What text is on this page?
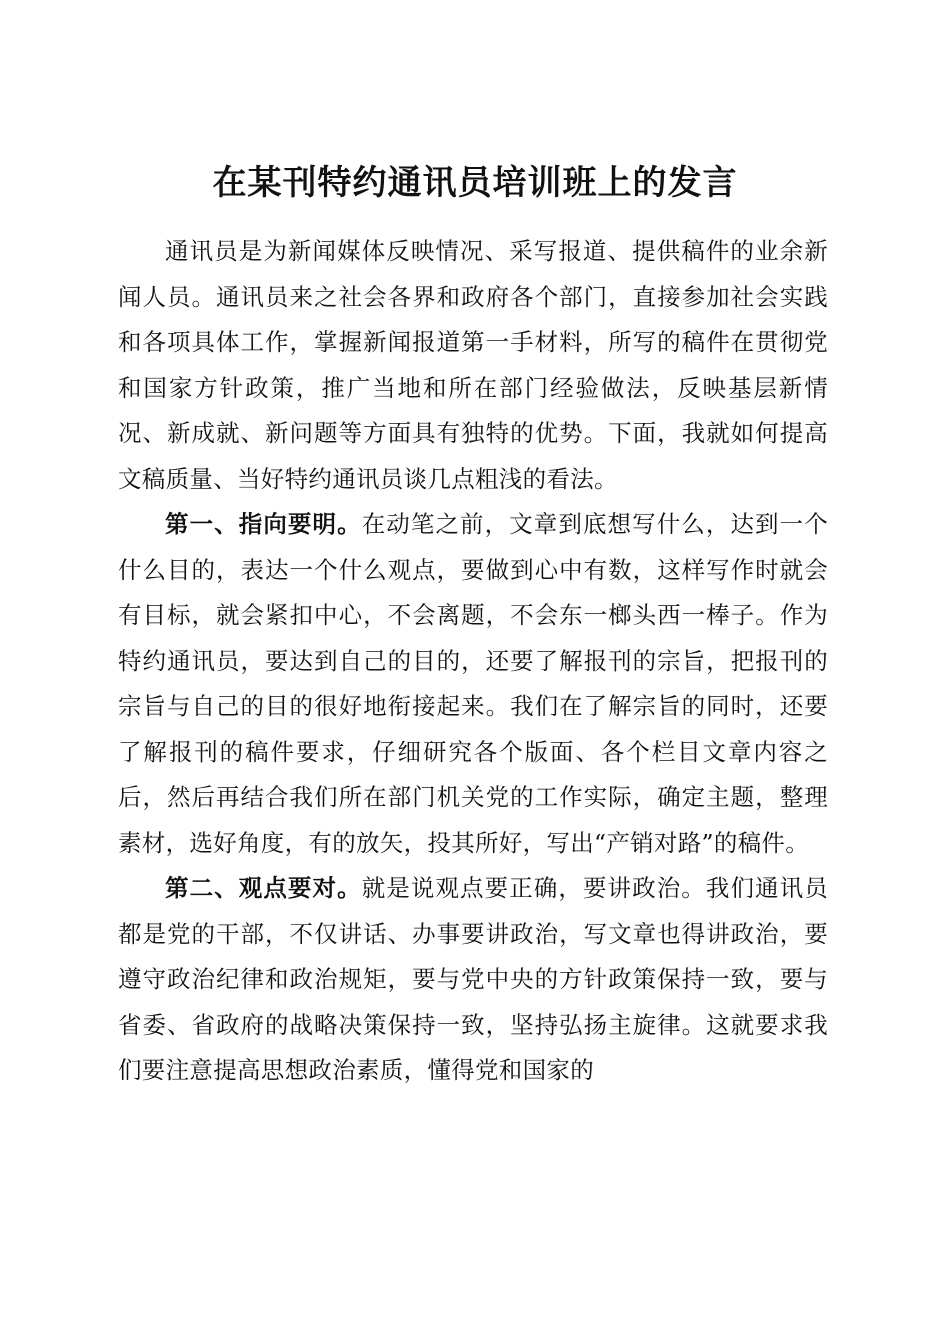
在某刊特约通讯员培训班上的发言

通讯员是为新闻媒体反映情况、采写报道、提供稿件的业余新闻人员。通讯员来之社会各界和政府各个部门，直接参加社会实践和各项具体工作，掌握新闻报道第一手材料，所写的稿件在贯彻党和国家方针政策，推广当地和所在部门经验做法，反映基层新情况、新成就、新问题等方面具有独特的优势。下面，我就如何提高文稿质量、当好特约通讯员谈几点粗浅的看法。

第一、指向要明。在动笔之前，文章到底想写什么，达到一个什么目的，表达一个什么观点，要做到心中有数，这样写作时就会有目标，就会紧扣中心，不会离题，不会东一榔头西一棒子。作为特约通讯员，要达到自己的目的，还要了解报刊的宗旨，把报刊的宗旨与自己的目的很好地衔接起来。我们在了解宗旨的同时，还要了解报刊的稿件要求，仔细研究各个版面、各个栏目文章内容之后，然后再结合我们所在部门机关党的工作实际，确定主题，整理素材，选好角度，有的放矢，投其所好，写出“产销对路”的稿件。

第二、观点要对。就是说观点要正确，要讲政治。我们通讯员都是党的干部，不仅讲话、办事要讲政治，写文章也得讲政治，要遵守政治纪律和政治规矩，要与党中央的方针政策保持一致，要与省委、省政府的战略决策保持一致，坚持弘扬主旋律。这就要求我们要注意提高思想政治素质，懂得党和国家的
